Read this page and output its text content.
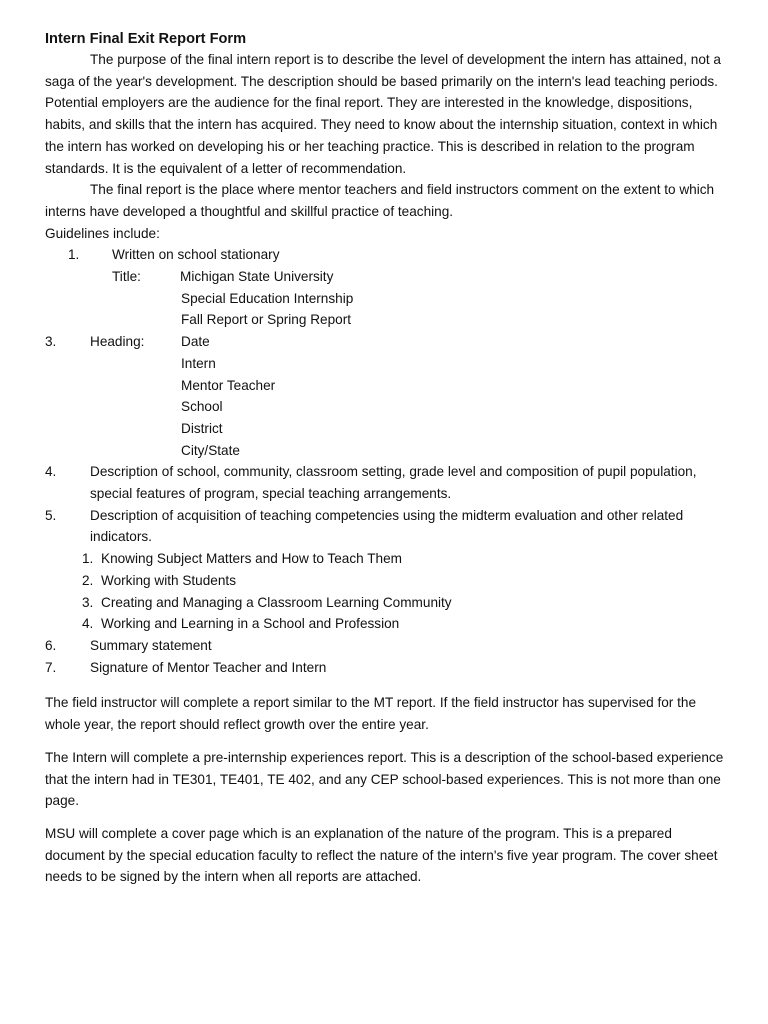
Intern Final Exit Report Form

The purpose of the final intern report is to describe the level of development the intern has attained, not a saga of the year's development. The description should be based primarily on the intern's lead teaching periods. Potential employers are the audience for the final report. They are interested in the knowledge, dispositions, habits, and skills that the intern has acquired. They need to know about the internship situation, context in which the intern has worked on developing his or her teaching practice. This is described in relation to the program standards. It is the equivalent of a letter of recommendation.

The final report is the place where mentor teachers and field instructors comment on the extent to which interns have developed a thoughtful and skillful practice of teaching.

Guidelines include:

1.	Written on school stationary
Title:	Michigan State University

Special Education Internship

Fall Report or Spring Report

3.	Heading:	Date

Intern

Mentor Teacher

School

District

City/State

4.	Description of school, community, classroom setting, grade level and composition of pupil population, special features of program, special teaching arrangements.
5.	Description of acquisition of teaching competencies using the midterm evaluation and other related indicators.
1. Knowing Subject Matters and How to Teach Them
2. Working with Students
3. Creating and Managing a Classroom Learning Community
4. Working and Learning in a School and Profession
6.	Summary statement
7.	Signature of Mentor Teacher and Intern

The field instructor will complete a report similar to the MT report. If the field instructor has supervised for the whole year, the report should reflect growth over the entire year.

The Intern will complete a pre-internship experiences report. This is a description of the school-based experience that the intern had in TE301, TE401, TE 402, and any CEP school-based experiences. This is not more than one page.

MSU will complete a cover page which is an explanation of the nature of the program. This is a prepared document by the special education faculty to reflect the nature of the intern's five year program. The cover sheet needs to be signed by the intern when all reports are attached.
